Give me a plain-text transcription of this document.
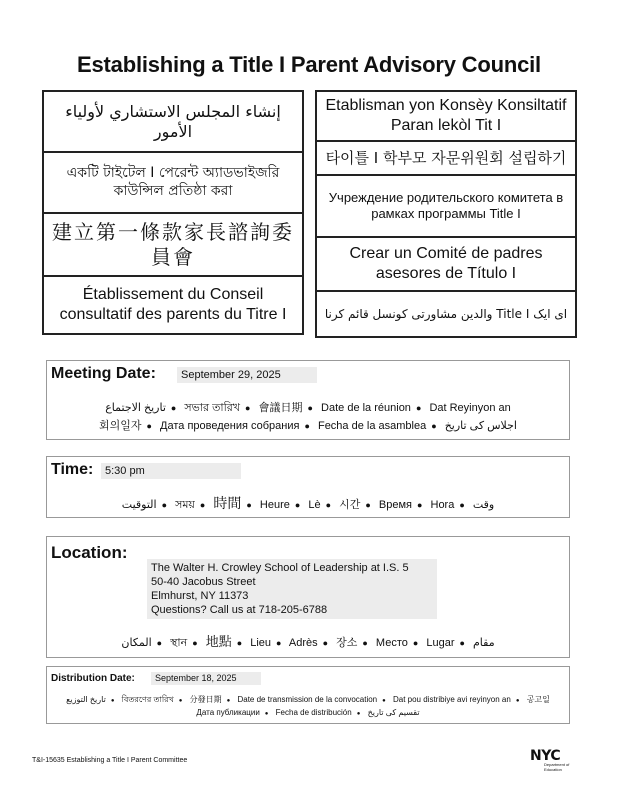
Establishing a Title I Parent Advisory Council
إنشاء المجلس الاستشاري لأولياء الأمور
একটি টাইটেল I পেরেন্ট অ্যাডভাইজরি কাউন্সিল প্রতিষ্ঠা করা
建立第一條款家長諮詢委員會
Établissement du Conseil consultatif des parents du Titre I
Etablisman yon Konsèy Konsiltatif Paran lekòl Tit I
타이틀 I 학부모 자문위원회 설립하기
Учреждение родительского комитета в рамках программы Title I
Crear un Comité de padres asesores de Título I
ای ایک Title I والدین مشاورتی کونسل قائم کرنا
Meeting Date: September 29, 2025
تاريخ الاجتماع ● সভার তারিখ ● 會議日期 ● Date de la réunion ● Dat Reyinyon an
회의일자 ● Дата проведения собрания ● Fecha de la asamblea ● اجلاس کی تاریخ
Time: 5:30 pm
التوقيت ● সময় ● 時間 ● Heure ● Lè ● 시간 ● Время ● Hora ● وقت
Location:
The Walter H. Crowley School of Leadership at I.S. 5
50-40 Jacobus Street
Elmhurst, NY 11373
Questions? Call us at 718-205-6788
المكان ● স্থান ● 地點 ● Lieu ● Adrès ● 장소 ● Место ● Lugar ● مقام
Distribution Date: September 18, 2025
تاريخ التوزيع ● বিতরণের তারিখ ● 分發日期 ● Date de transmission de la convocation ● Dat pou distribiye avi reyinyon an ● 공고일
Дата публикации ● Fecha de distribución ● تقسیم کی تاریخ
T&I-15635 Establishing a Title I Parent Committee	NYC
Department of Education
